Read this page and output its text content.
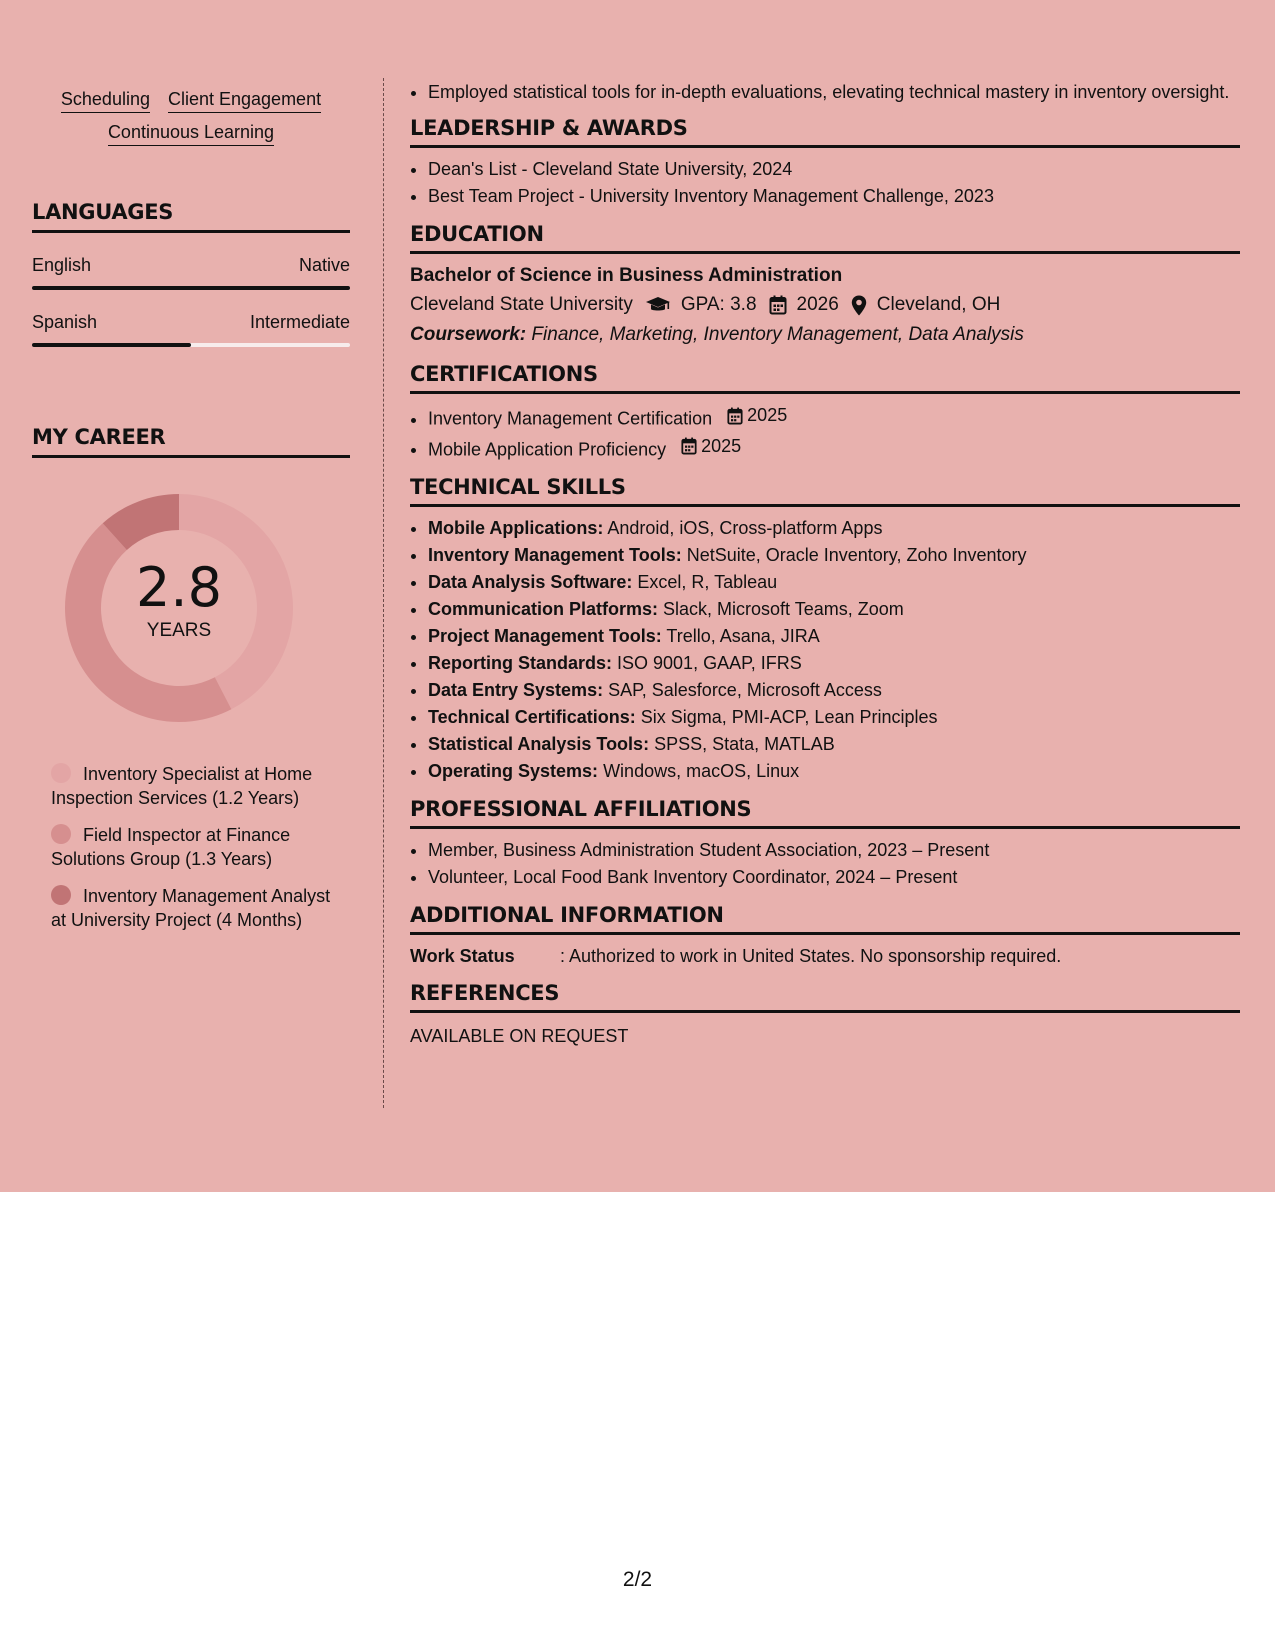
Scheduling Client Engagement
Continuous Learning
LANGUAGES
English	Native
Spanish	Intermediate
MY CAREER
2.8
YEARS
Inventory Specialist at Home Inspection Services (1.2 Years)
Field Inspector at Finance Solutions Group (1.3 Years)
Inventory Management Analyst at University Project (4 Months)
• Employed statistical tools for in-depth evaluations, elevating technical mastery in inventory oversight.
LEADERSHIP & AWARDS
• Dean's List - Cleveland State University, 2024
• Best Team Project - University Inventory Management Challenge, 2023
EDUCATION
Bachelor of Science in Business Administration
Cleveland State University	GPA: 3.8 2026 Cleveland, OH
Coursework: Finance, Marketing, Inventory Management, Data Analysis
CERTIFICATIONS
• Inventory Management Certification 2025
• Mobile Application Proficiency 2025
TECHNICAL SKILLS
• Mobile Applications: Android, iOS, Cross-platform Apps
• Inventory Management Tools: NetSuite, Oracle Inventory, Zoho Inventory
• Data Analysis Software: Excel, R, Tableau
• Communication Platforms: Slack, Microsoft Teams, Zoom
• Project Management Tools: Trello, Asana, JIRA
• Reporting Standards: ISO 9001, GAAP, IFRS
• Data Entry Systems: SAP, Salesforce, Microsoft Access
• Technical Certifications: Six Sigma, PMI-ACP, Lean Principles
• Statistical Analysis Tools: SPSS, Stata, MATLAB
• Operating Systems: Windows, macOS, Linux
PROFESSIONAL AFFILIATIONS
• Member, Business Administration Student Association, 2023 – Present
• Volunteer, Local Food Bank Inventory Coordinator, 2024 – Present
ADDITIONAL INFORMATION
Work Status	: Authorized to work in United States. No sponsorship required.
REFERENCES
AVAILABLE ON REQUEST
2/2
